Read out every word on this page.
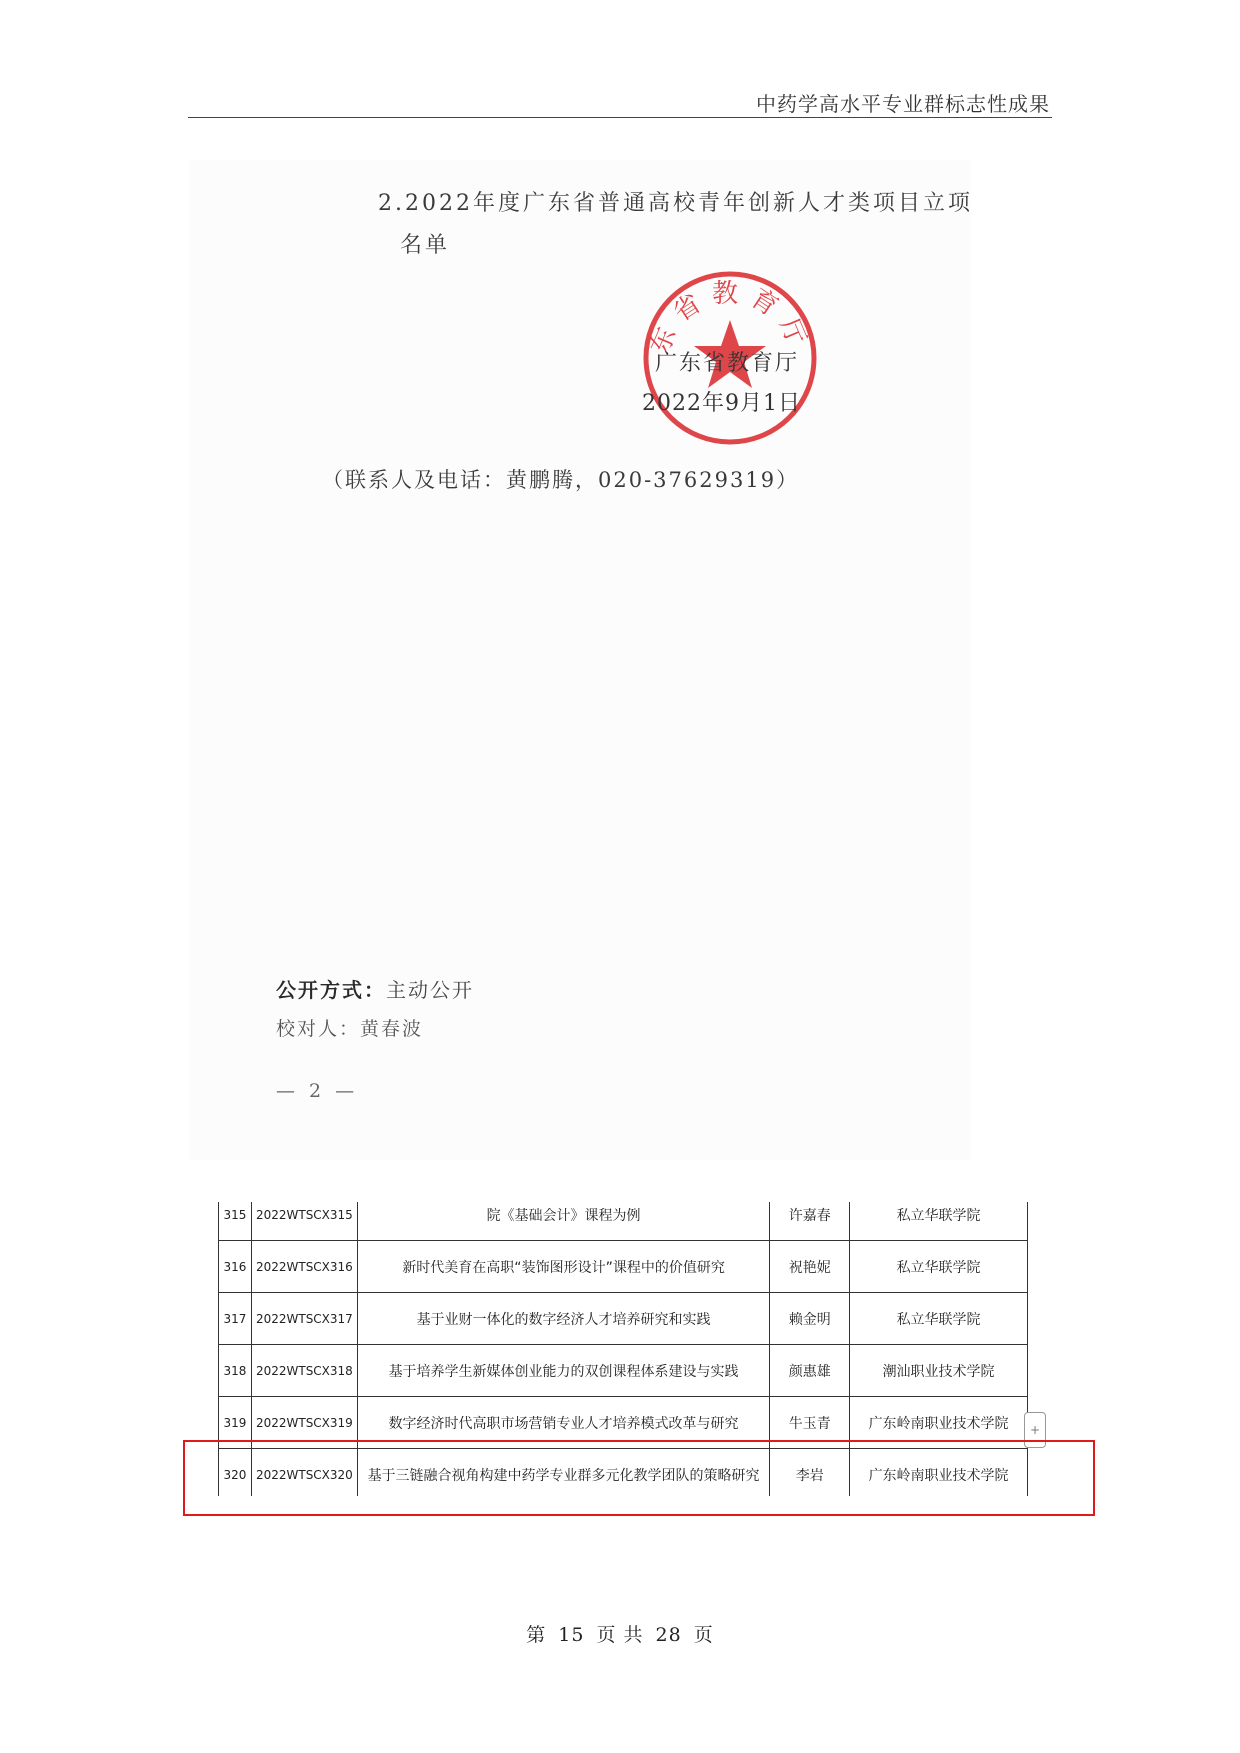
中药学高水平专业群标志性成果
2.2022年度广东省普通高校青年创新人才类项目立项
名单
东省教育厅
广东省教育厅
2022年9月1日
（联系人及电话：黄鹏腾，020-37629319）
公开方式：主动公开
校对人：黄春波
— 2 —
315	2022WTSCX315	院《基础会计》课程为例	许嘉春	私立华联学院
316	2022WTSCX316	新时代美育在高职“装饰图形设计”课程中的价值研究	祝艳妮	私立华联学院
317	2022WTSCX317	基于业财一体化的数字经济人才培养研究和实践	赖金明	私立华联学院
318	2022WTSCX318	基于培养学生新媒体创业能力的双创课程体系建设与实践	颜惠雄	潮汕职业技术学院
319	2022WTSCX319	数字经济时代高职市场营销专业人才培养模式改革与研究	牛玉青	广东岭南职业技术学院
320	2022WTSCX320	基于三链融合视角构建中药学专业群多元化教学团队的策略研究	李岩	广东岭南职业技术学院
+
第 15 页 共 28 页
